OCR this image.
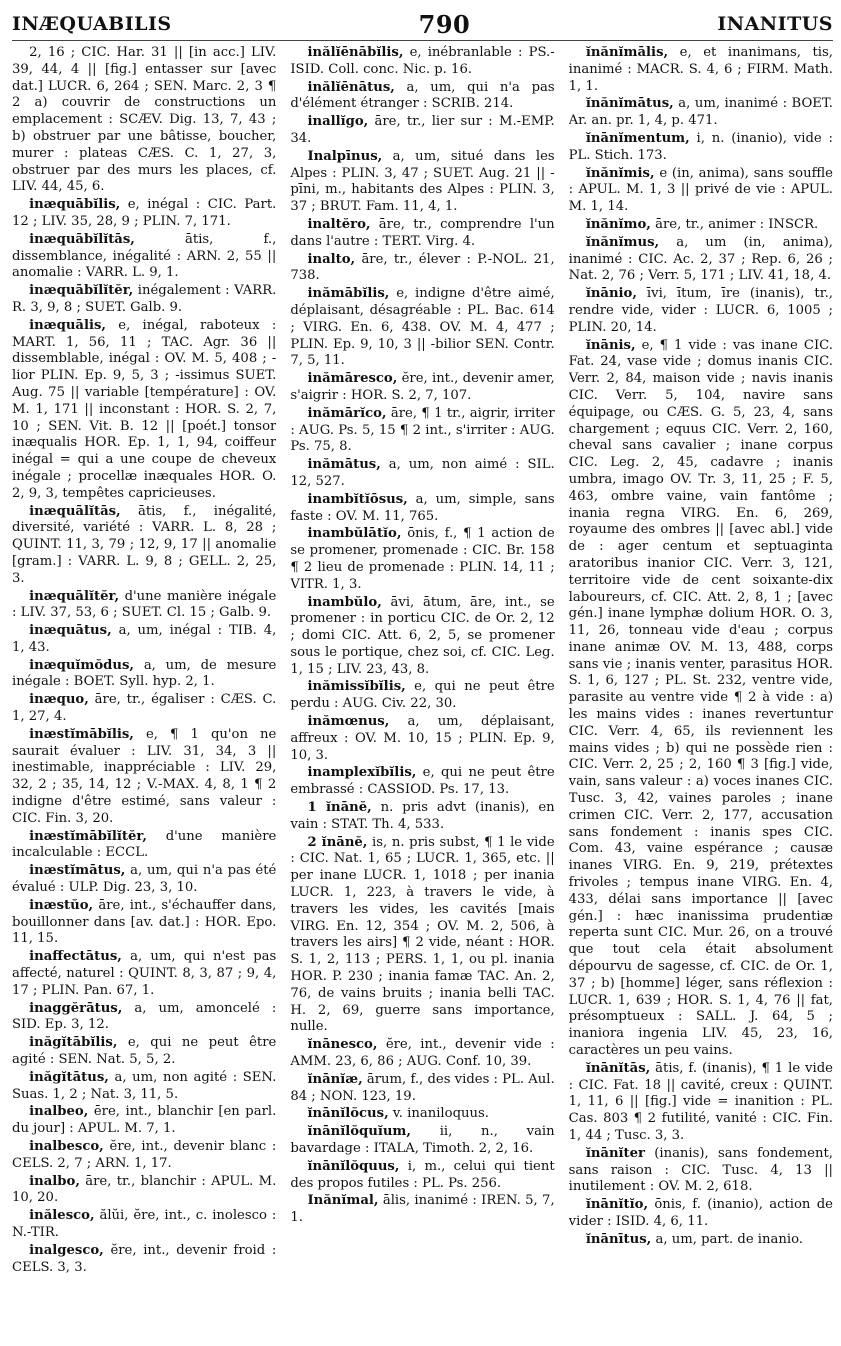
INÆQUABILIS	790	INANITUS

2, 16 ; CIC. Har. 31 || [in acc.] LIV. 39, 44, 4 || [fig.] entasser sur [avec dat.] LUCR. 6, 264 ; SEN. Marc. 2, 3 ¶ 2 a) couvrir de constructions un emplacement : SCÆV. Dig. 13, 7, 43 ; b) obstruer par une bâtisse, boucher, murer : plateas CÆS. C. 1, 27, 3, obstruer par des murs les places, cf. LIV. 44, 45, 6.

inæquābĭlis, e, inégal : CIC. Part. 12 ; LIV. 35, 28, 9 ; PLIN. 7, 171.

inæquābĭlĭtās,	ātis, f., dissemblance, inégalité : ARN. 2, 55 || anomalie : VARR. L. 9, 1.

inæquābĭlĭtĕr, inégalement : VARR. R. 3, 9, 8 ; SUET. Galb. 9.

inæquālis, e, inégal, raboteux : MART. 1, 56, 11 ; TAC. Agr. 36 || dissemblable, inégal : OV. M. 5, 408 ; -lior PLIN. Ep. 9, 5, 3 ; -issimus SUET. Aug. 75 || variable [température] : OV. M. 1, 171 || inconstant : HOR. S. 2, 7, 10 ; SEN. Vit. B. 12 || [poét.] tonsor inæqualis HOR. Ep. 1, 1, 94, coiffeur inégal = qui a une coupe de cheveux inégale ; procellæ inæquales HOR. O. 2, 9, 3, tempêtes capricieuses.

inæquālĭtās, ātis, f., inégalité, diversité, variété : VARR. L. 8, 28 ; QUINT. 11, 3, 79 ; 12, 9, 17 || anomalie [gram.] : VARR. L. 9, 8 ; GELL. 2, 25, 3.

inæquālĭtĕr, d'une manière inégale : LIV. 37, 53, 6 ; SUET. Cl. 15 ; Galb. 9.

inæquātus, a, um, inégal : TIB. 4, 1, 43.

inæquĭmŏdus, a, um, de mesure inégale : BOET. Syll. hyp. 2, 1.

inæquo, āre, tr., égaliser : CÆS. C. 1, 27, 4.

inæstĭmābĭlis, e, ¶ 1 qu'on ne saurait évaluer : LIV. 31, 34, 3 || inestimable, inappréciable : LIV. 29, 32, 2 ; 35, 14, 12 ; V.-MAX. 4, 8, 1 ¶ 2 indigne d'être estimé, sans valeur : CIC. Fin. 3, 20.

inæstĭmābĭlĭtĕr, d'une manière incalculable : ECCL.

inæstĭmātus, a, um, qui n'a pas été évalué : ULP. Dig. 23, 3, 10.

inæstŭo, āre, int., s'échauffer dans, bouillonner dans [av. dat.] : HOR. Epo. 11, 15.

inaffectātus, a, um, qui n'est pas affecté, naturel : QUINT. 8, 3, 87 ; 9, 4, 17 ; PLIN. Pan. 67, 1.

inaggĕrātus, a, um, amoncelé : SID. Ep. 3, 12.

inăgĭtābĭlis, e, qui ne peut être agité : SEN. Nat. 5, 5, 2.

inăgĭtātus, a, um, non agité : SEN. Suas. 1, 2 ; Nat. 3, 11, 5.

inalbeo, ēre, int., blanchir [en parl. du jour] : APUL. M. 7, 1.

inalbesco, ĕre, int., devenir blanc : CELS. 2, 7 ; ARN. 1, 17.

inalbo, āre, tr., blanchir : APUL. M. 10, 20.

inălesco, ălŭi, ĕre, int., c. inolesco : N.-TIR.

inalgesco, ĕre, int., devenir froid : CELS. 3, 3.

inălĭēnābĭlis, e, inébranlable : PS.-ISID. Coll. conc. Nic. p. 16.

inălĭēnātus, a, um, qui n'a pas d'élément étranger : SCRIB. 214.

inallĭgo, āre, tr., lier sur : M.-EMP. 34.

Inalpīnus, a, um, situé dans les Alpes : PLIN. 3, 47 ; SUET. Aug. 21 || -pīni, m., habitants des Alpes : PLIN. 3, 37 ; BRUT. Fam. 11, 4, 1.

inaltĕro, āre, tr., comprendre l'un dans l'autre : TERT. Virg. 4.

inalto, āre, tr., élever : P.-NOL. 21, 738.

inămābĭlis, e, indigne d'être aimé, déplaisant, désagréable : PL. Bac. 614 ; VIRG. En. 6, 438. OV. M. 4, 477 ; PLIN. Ep. 9, 10, 3 || -bilior SEN. Contr. 7, 5, 11.

inămāresco, ĕre, int., devenir amer, s'aigrir : HOR. S. 2, 7, 107.

inămārĭco, āre, ¶ 1 tr., aigrir, irriter : AUG. Ps. 5, 15 ¶ 2 int., s'irriter : AUG. Ps. 75, 8.

inămātus, a, um, non aimé : SIL. 12, 527.

inambĭtĭōsus, a, um, simple, sans faste : OV. M. 11, 765.

inambŭlātĭo, ōnis, f., ¶ 1 action de se promener, promenade : CIC. Br. 158 ¶ 2 lieu de promenade : PLIN. 14, 11 ; VITR. 1, 3.

inambŭlo, āvi, ātum, āre, int., se promener : in porticu CIC. de Or. 2, 12 ; domi CIC. Att. 6, 2, 5, se promener sous le portique, chez soi, cf. CIC. Leg. 1, 15 ; LIV. 23, 43, 8.

inămissĭbĭlis, e, qui ne peut être perdu : AUG. Civ. 22, 30.

inămœnus, a, um, déplaisant, affreux : OV. M. 10, 15 ; PLIN. Ep. 9, 10, 3.

inamplexĭbĭlis, e, qui ne peut être embrassé : CASSIOD. Ps. 17, 13.

1 ĭnānĕ, n. pris advt (inanis), en vain : STAT. Th. 4, 533.

2 ĭnānĕ, is, n. pris subst, ¶ 1 le vide : CIC. Nat. 1, 65 ; LUCR. 1, 365, etc. || per inane LUCR. 1, 1018 ; per inania LUCR. 1, 223, à travers le vide, à travers les vides, les cavités [mais VIRG. En. 12, 354 ; OV. M. 2, 506, à travers les airs] ¶ 2 vide, néant : HOR. S. 1, 2, 113 ; PERS. 1, 1, ou pl. inania HOR. P. 230 ; inania famæ TAC. An. 2, 76, de vains bruits ; inania belli TAC. H. 2, 69, guerre sans importance, nulle.

ĭnānesco, ĕre, int., devenir vide : AMM. 23, 6, 86 ; AUG. Conf. 10, 39.

ĭnānĭæ, ārum, f., des vides : PL. Aul. 84 ; NON. 123, 19.

ĭnānĭlŏcus, v. inaniloquus.

ĭnānĭlŏquĭum, ii, n., vain bavardage : ITALA, Timoth. 2, 2, 16.

ĭnānĭlŏquus, i, m., celui qui tient des propos futiles : PL. Ps. 256.

Inănĭmal, ālis, inanimé : IREN. 5, 7, 1.

ĭnănĭmālis, e, et inanimans, tis, inanimé : MACR. S. 4, 6 ; FIRM. Math. 1, 1.

ĭnănĭmātus, a, um, inanimé : BOET. Ar. an. pr. 1, 4, p. 471.

ĭnānĭmentum, i, n. (inanio), vide : PL. Stich. 173.

ĭnănĭmis, e (in, anima), sans souffle : APUL. M. 1, 3 || privé de vie : APUL. M. 1, 14.

ĭnănĭmo, āre, tr., animer : INSCR.

ĭnănĭmus, a, um (in, anima), inanimé : CIC. Ac. 2, 37 ; Rep. 6, 26 ; Nat. 2, 76 ; Verr. 5, 171 ; LIV. 41, 18, 4.

ĭnānio, īvi, ītum, īre (inanis), tr., rendre vide, vider : LUCR. 6, 1005 ; PLIN. 20, 14.

ĭnānis, e, ¶ 1 vide : vas inane CIC. Fat. 24, vase vide ; domus inanis CIC. Verr. 2, 84, maison vide ; navis inanis CIC. Verr. 5, 104, navire sans équipage, ou CÆS. G. 5, 23, 4, sans chargement ; equus CIC. Verr. 2, 160, cheval sans cavalier ; inane corpus CIC. Leg. 2, 45, cadavre ; inanis umbra, imago OV. Tr. 3, 11, 25 ; F. 5, 463, ombre vaine, vain fantôme ; inania regna VIRG. En. 6, 269, royaume des ombres || [avec abl.] vide de : ager centum et septuaginta aratoribus inanior CIC. Verr. 3, 121, territoire vide de cent soixante-dix laboureurs, cf. CIC. Att. 2, 8, 1 ; [avec gén.] inane lymphæ dolium HOR. O. 3, 11, 26, tonneau vide d'eau ; corpus inane animæ OV. M. 13, 488, corps sans vie ; inanis venter, parasitus HOR. S. 1, 6, 127 ; PL. St. 232, ventre vide, parasite au ventre vide ¶ 2 à vide : a) les mains vides : inanes revertuntur CIC. Verr. 4, 65, ils reviennent les mains vides ; b) qui ne possède rien : CIC. Verr. 2, 25 ; 2, 160 ¶ 3 [fig.] vide, vain, sans valeur : a) voces inanes CIC. Tusc. 3, 42, vaines paroles ; inane crimen CIC. Verr. 2, 177, accusation sans fondement : inanis spes CIC. Com. 43, vaine espérance ; causæ inanes VIRG. En. 9, 219, prétextes frivoles ; tempus inane VIRG. En. 4, 433, délai sans importance || [avec gén.] : hæc inanissima prudentiæ reperta sunt CIC. Mur. 26, on a trouvé que tout cela était absolument dépourvu de sagesse, cf. CIC. de Or. 1, 37 ; b) [homme] léger, sans réflexion : LUCR. 1, 639 ; HOR. S. 1, 4, 76 || fat, présomptueux : SALL. J. 64, 5 ; inaniora ingenia LIV. 45, 23, 16, caractères un peu vains.

ĭnānĭtās, ātis, f. (inanis), ¶ 1 le vide : CIC. Fat. 18 || cavité, creux : QUINT. 1, 11, 6 || [fig.] vide = inanition : PL. Cas. 803 ¶ 2 futilité, vanité : CIC. Fin. 1, 44 ; Tusc. 3, 3.

ĭnānĭter (inanis), sans fondement, sans raison : CIC. Tusc. 4, 13 || inutilement : OV. M. 2, 618.

ĭnānĭtĭo, ōnis, f. (inanio), action de vider : ISID. 4, 6, 11.

ĭnānītus, a, um, part. de inanio.
